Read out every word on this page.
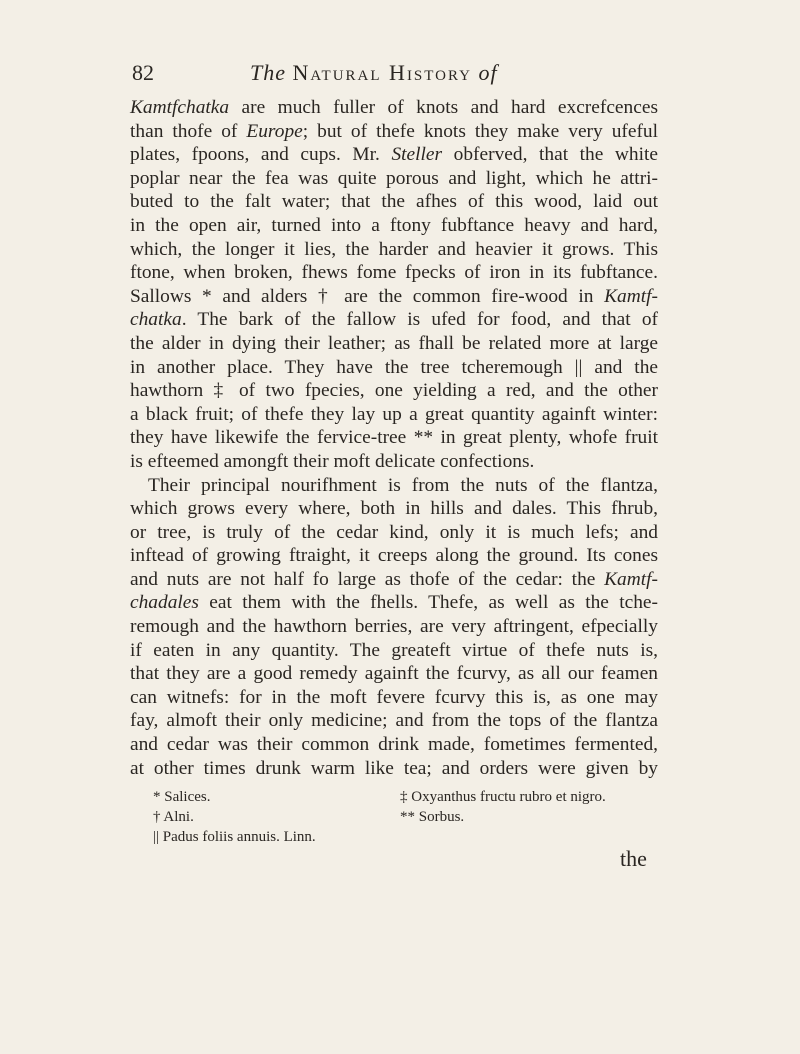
82	The Natural History of
Kamtfchatka are much fuller of knots and hard excrefcences
than thofe of Europe; but of thefe knots they make very ufeful
plates, fpoons, and cups. Mr. Steller obferved, that the white
poplar near the fea was quite porous and light, which he attri-
buted to the falt water; that the afhes of this wood, laid out
in the open air, turned into a ftony fubftance heavy and hard,
which, the longer it lies, the harder and heavier it grows. This
ftone, when broken, fhews fome fpecks of iron in its fubftance.
Sallows * and alders † are the common fire-wood in Kamtf-
chatka. The bark of the fallow is ufed for food, and that of
the alder in dying their leather; as fhall be related more at large
in another place. They have the tree tcheremough || and the
hawthorn ‡ of two fpecies, one yielding a red, and the other
a black fruit; of thefe they lay up a great quantity againft winter:
they have likewife the fervice-tree ** in great plenty, whofe fruit
is efteemed amongft their moft delicate confections.
Their principal nourifhment is from the nuts of the flantza,
which grows every where, both in hills and dales. This fhrub,
or tree, is truly of the cedar kind, only it is much lefs; and
inftead of growing ftraight, it creeps along the ground. Its cones
and nuts are not half fo large as thofe of the cedar: the Kamtf-
chadales eat them with the fhells. Thefe, as well as the tche-
remough and the hawthorn berries, are very aftringent, efpecially
if eaten in any quantity. The greateft virtue of thefe nuts is,
that they are a good remedy againft the fcurvy, as all our feamen
can witnefs: for in the moft fevere fcurvy this is, as one may
fay, almoft their only medicine; and from the tops of the flantza
and cedar was their common drink made, fometimes fermented,
at other times drunk warm like tea; and orders were given by
* Salices.
† Alni.
|| Padus foliis annuis. Linn.
‡ Oxyanthus fructu rubro et nigro.
** Sorbus.
the
